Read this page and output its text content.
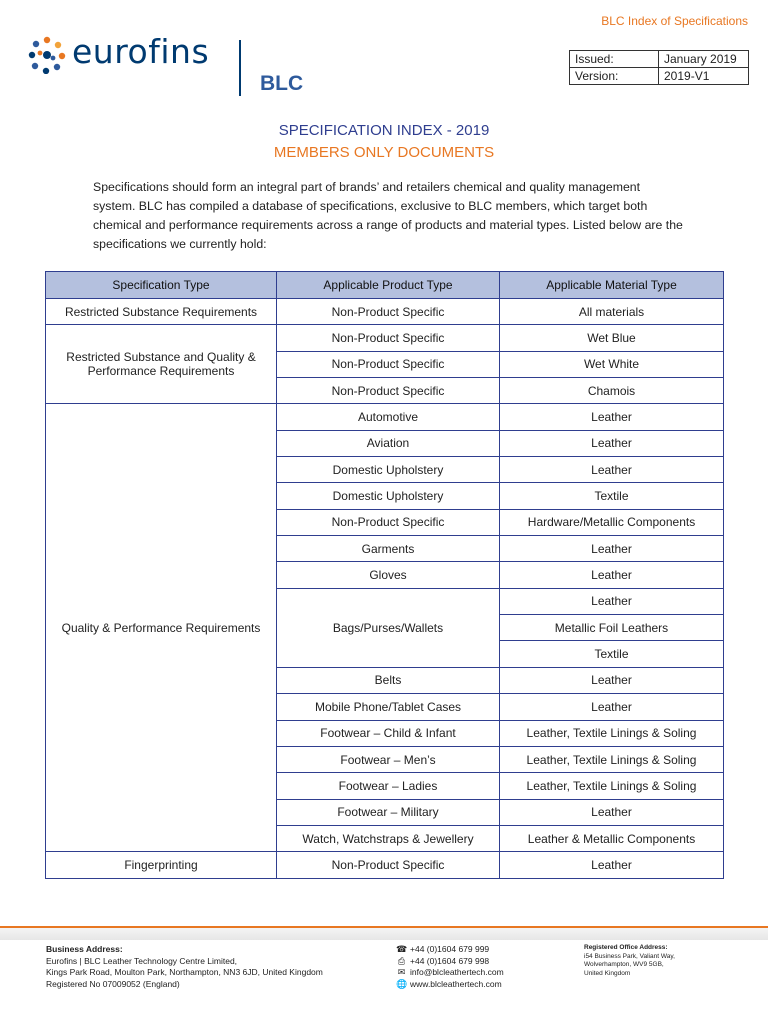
BLC Index of Specifications
eurofins
BLC
Issued:	January 2019
Version:	2019-V1
SPECIFICATION INDEX - 2019
MEMBERS ONLY DOCUMENTS

Specifications should form an integral part of brands’ and retailers chemical and quality management system. BLC has compiled a database of specifications, exclusive to BLC members, which target both chemical and performance requirements across a range of products and material types. Listed below are the specifications we currently hold:

Specification Type	Applicable Product Type	Applicable Material Type
Restricted Substance Requirements	Non-Product Specific	All materials
Restricted Substance and Quality & Performance Requirements	Non-Product Specific	Wet Blue
	Non-Product Specific	Wet White
	Non-Product Specific	Chamois
Quality & Performance Requirements	Automotive	Leather
	Aviation	Leather
	Domestic Upholstery	Leather
	Domestic Upholstery	Textile
	Non-Product Specific	Hardware/Metallic Components
	Garments	Leather
	Gloves	Leather
	Bags/Purses/Wallets	Leather
		Metallic Foil Leathers
		Textile
	Belts	Leather
	Mobile Phone/Tablet Cases	Leather
	Footwear – Child & Infant	Leather, Textile Linings & Soling
	Footwear – Men’s	Leather, Textile Linings & Soling
	Footwear – Ladies	Leather, Textile Linings & Soling
	Footwear – Military	Leather
	Watch, Watchstraps & Jewellery	Leather & Metallic Components
Fingerprinting	Non-Product Specific	Leather
Business Address:
Eurofins | BLC Leather Technology Centre Limited,
Kings Park Road, Moulton Park, Northampton, NN3 6JD, United Kingdom
Registered No 07009052 (England)
☎ +44 (0)1604 679 999
⎙ +44 (0)1604 679 998
✉ info@blcleathertech.com
🌐 www.blcleathertech.com
Registered Office Address:
i54 Business Park, Valiant Way,
Wolverhampton, WV9 5GB,
United Kingdom
